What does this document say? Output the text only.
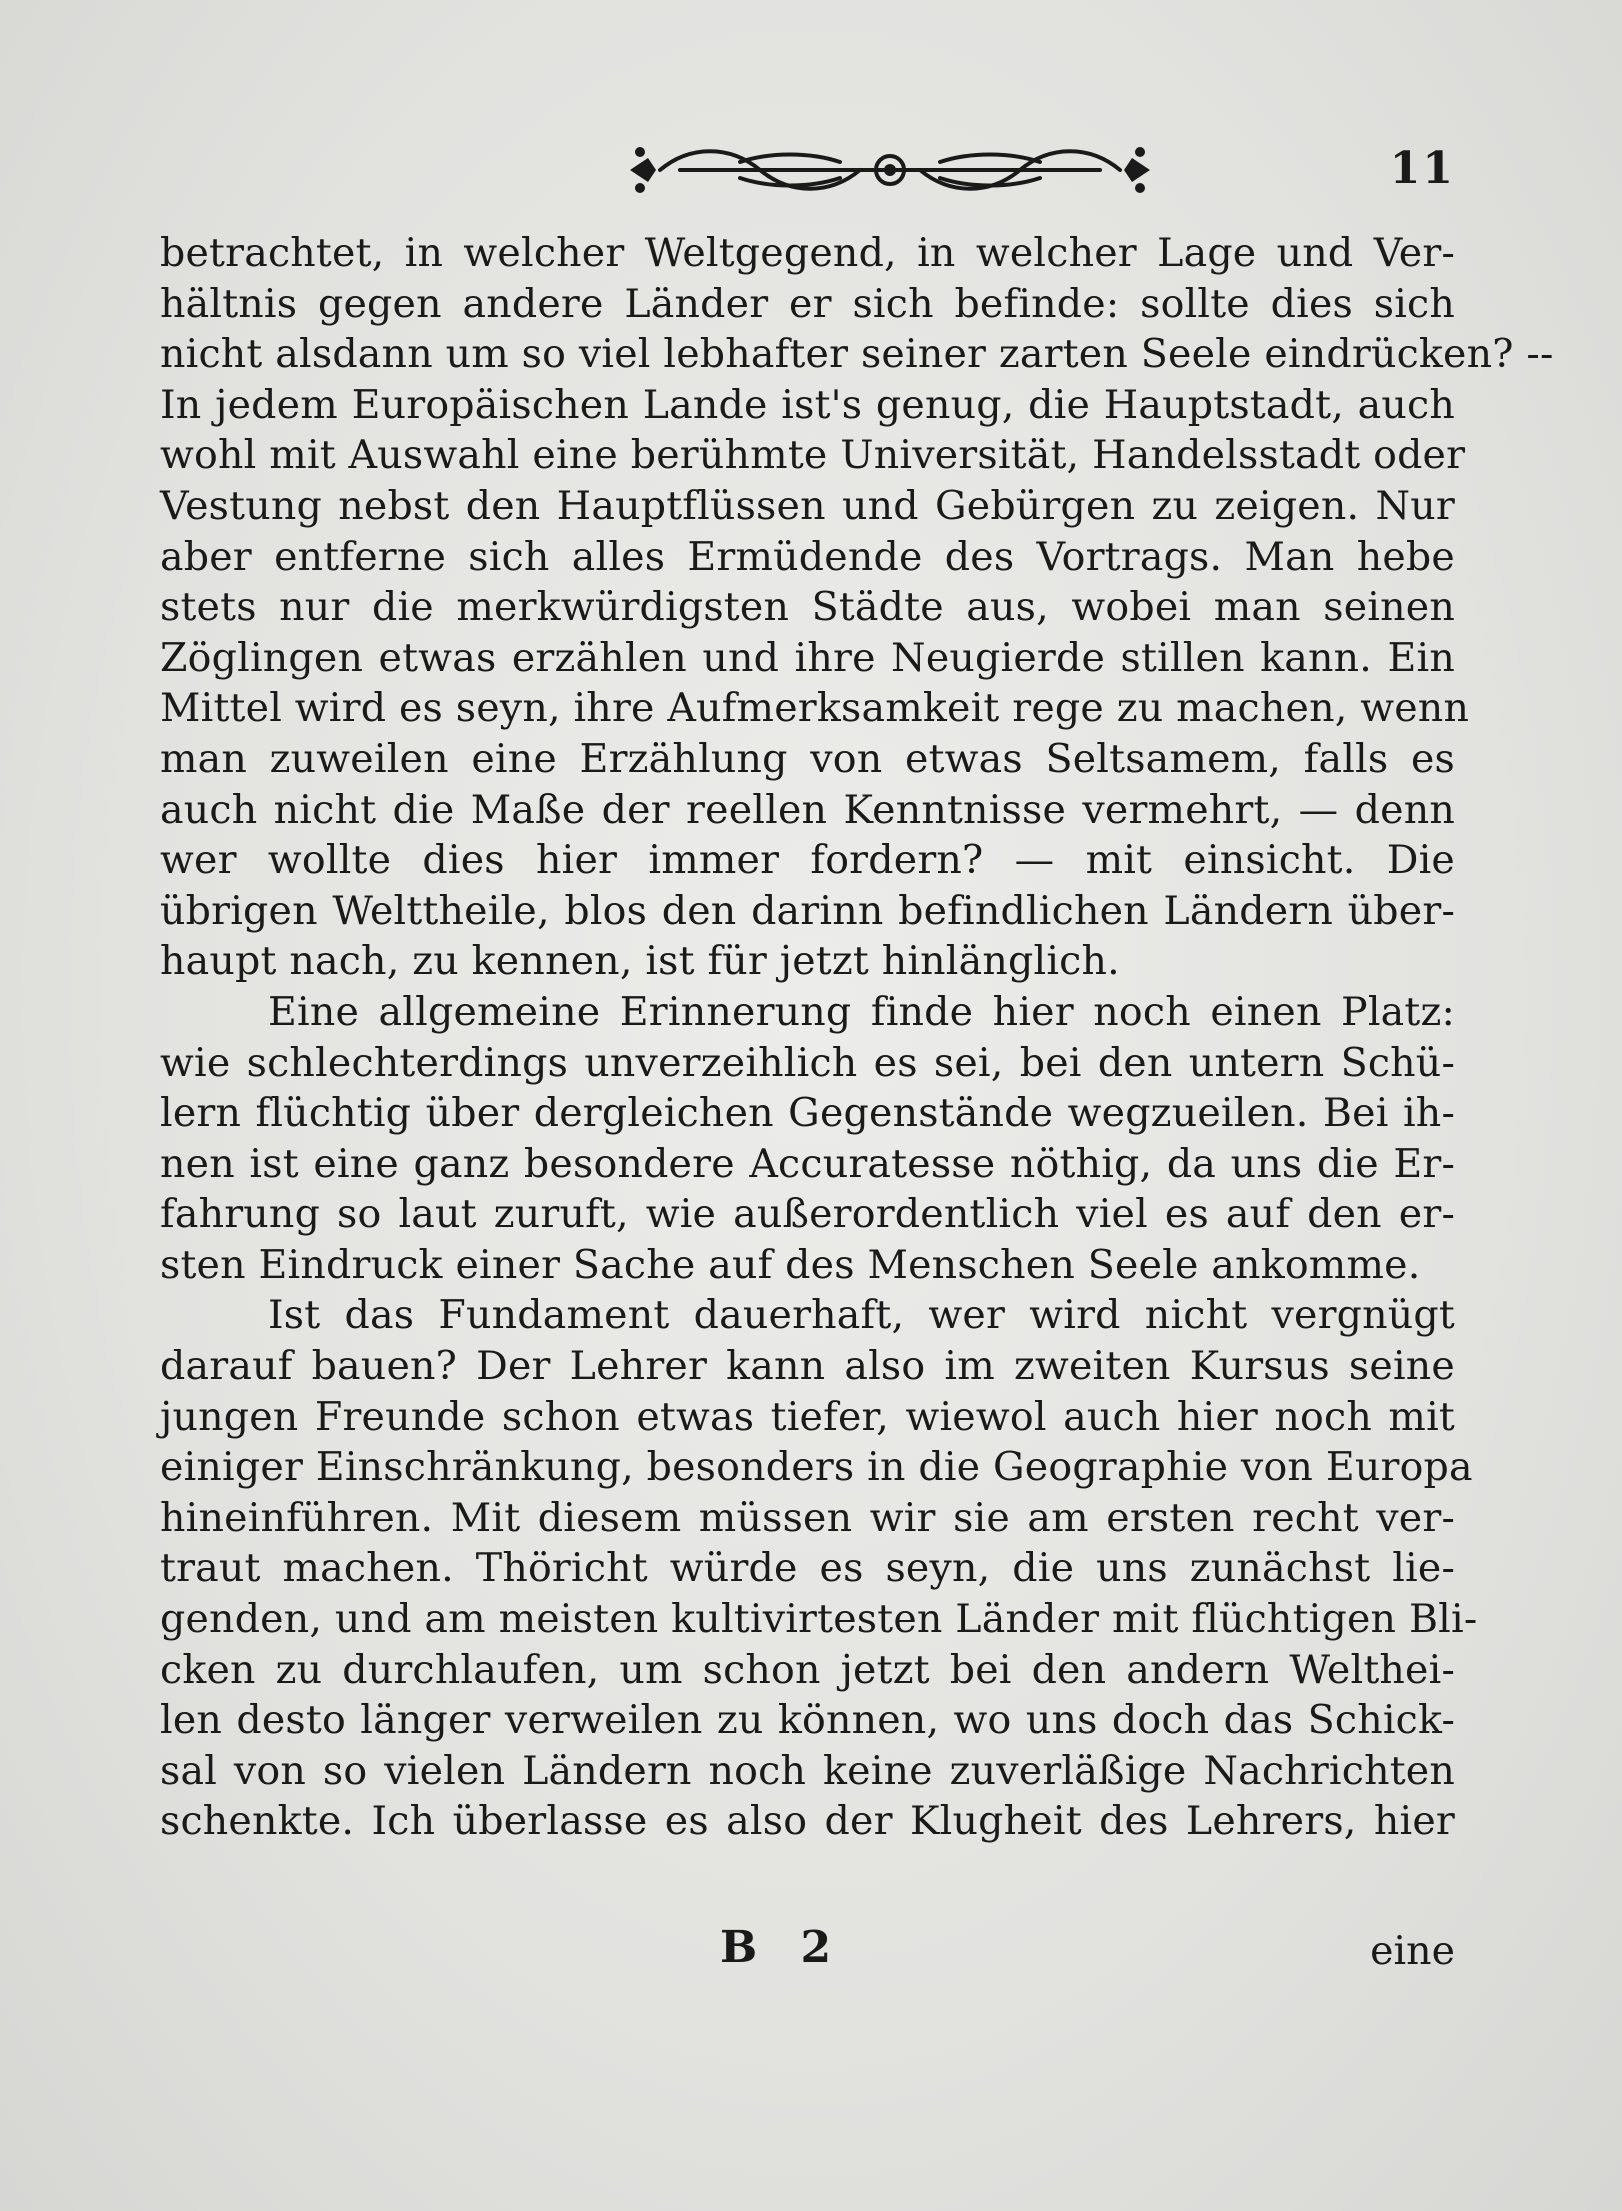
11
betrachtet, in welcher Weltgegend, in welcher Lage und Ver-
hältnis gegen andere Länder er sich befinde: sollte dies sich
nicht alsdann um so viel lebhafter seiner zarten Seele eindrücken? --
In jedem Europäischen Lande ist's genug, die Hauptstadt, auch
wohl mit Auswahl eine berühmte Universität, Handelsstadt oder
Vestung nebst den Hauptflüssen und Gebürgen zu zeigen. Nur
aber entferne sich alles Ermüdende des Vortrags. Man hebe
stets nur die merkwürdigsten Städte aus, wobei man seinen
Zöglingen etwas erzählen und ihre Neugierde stillen kann. Ein
Mittel wird es seyn, ihre Aufmerksamkeit rege zu machen, wenn
man zuweilen eine Erzählung von etwas Seltsamem, falls es
auch nicht die Maße der reellen Kenntnisse vermehrt, — denn
wer wollte dies hier immer fordern? — mit einsicht. Die
übrigen Welttheile, blos den darinn befindlichen Ländern über-
haupt nach, zu kennen, ist für jetzt hinlänglich.
Eine allgemeine Erinnerung finde hier noch einen Platz:
wie schlechterdings unverzeihlich es sei, bei den untern Schü-
lern flüchtig über dergleichen Gegenstände wegzueilen. Bei ih-
nen ist eine ganz besondere Accuratesse nöthig, da uns die Er-
fahrung so laut zuruft, wie außerordentlich viel es auf den er-
sten Eindruck einer Sache auf des Menschen Seele ankomme.
Ist das Fundament dauerhaft, wer wird nicht vergnügt
darauf bauen? Der Lehrer kann also im zweiten Kursus seine
jungen Freunde schon etwas tiefer, wiewol auch hier noch mit
einiger Einschränkung, besonders in die Geographie von Europa
hineinführen. Mit diesem müssen wir sie am ersten recht ver-
traut machen. Thöricht würde es seyn, die uns zunächst lie-
genden, und am meisten kultivirtesten Länder mit flüchtigen Bli-
cken zu durchlaufen, um schon jetzt bei den andern Welthei-
len desto länger verweilen zu können, wo uns doch das Schick-
sal von so vielen Ländern noch keine zuverläßige Nachrichten
schenkte. Ich überlasse es also der Klugheit des Lehrers, hier
B 2	eine
